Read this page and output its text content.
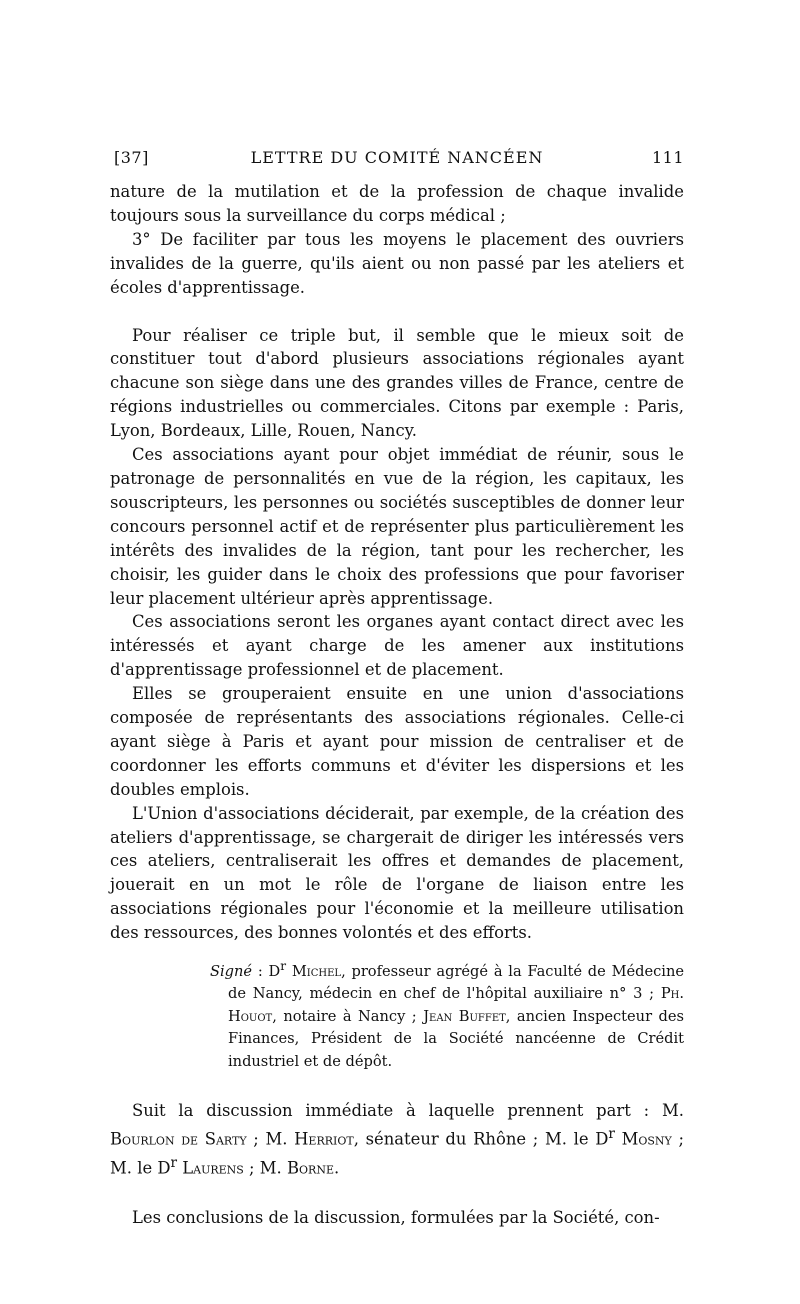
[37]	LETTRE DU COMITÉ NANCÉEN	111

nature de la mutilation et de la profession de chaque invalide toujours sous la surveillance du corps médical ;

3° De faciliter par tous les moyens le placement des ouvriers invalides de la guerre, qu'ils aient ou non passé par les ateliers et écoles d'apprentissage.

Pour réaliser ce triple but, il semble que le mieux soit de constituer tout d'abord plusieurs associations régionales ayant chacune son siège dans une des grandes villes de France, centre de régions industrielles ou commerciales. Citons par exemple : Paris, Lyon, Bordeaux, Lille, Rouen, Nancy.

Ces associations ayant pour objet immédiat de réunir, sous le patronage de personnalités en vue de la région, les capitaux, les souscripteurs, les personnes ou sociétés susceptibles de donner leur concours personnel actif et de représenter plus particulièrement les intérêts des invalides de la région, tant pour les rechercher, les choisir, les guider dans le choix des professions que pour favoriser leur placement ultérieur après apprentissage.

Ces associations seront les organes ayant contact direct avec les intéressés et ayant charge de les amener aux institutions d'apprentissage professionnel et de placement.

Elles se grouperaient ensuite en une union d'associations composée de représentants des associations régionales. Celle-ci ayant siège à Paris et ayant pour mission de centraliser et de coordonner les efforts communs et d'éviter les dispersions et les doubles emplois.

L'Union d'associations déciderait, par exemple, de la création des ateliers d'apprentissage, se chargerait de diriger les intéressés vers ces ateliers, centraliserait les offres et demandes de placement, jouerait en un mot le rôle de l'organe de liaison entre les associations régionales pour l'économie et la meilleure utilisation des ressources, des bonnes volontés et des efforts.

Signé : $D^r$ Michel, professeur agrégé à la Faculté de Médecine de Nancy, médecin en chef de l'hôpital auxiliaire n° 3 ; Ph. Houot, notaire à Nancy ; Jean Buffet, ancien Inspecteur des Finances, Président de la Société nancéenne de Crédit industriel et de dépôt.

Suit la discussion immédiate à laquelle prennent part : M. Bourlon de Sarty ; M. Herriot, sénateur du Rhône ; M. le $D^r$ Mosny ; M. le $D^r$ Laurens ; M. Borne.

Les conclusions de la discussion, formulées par la Société, con-
